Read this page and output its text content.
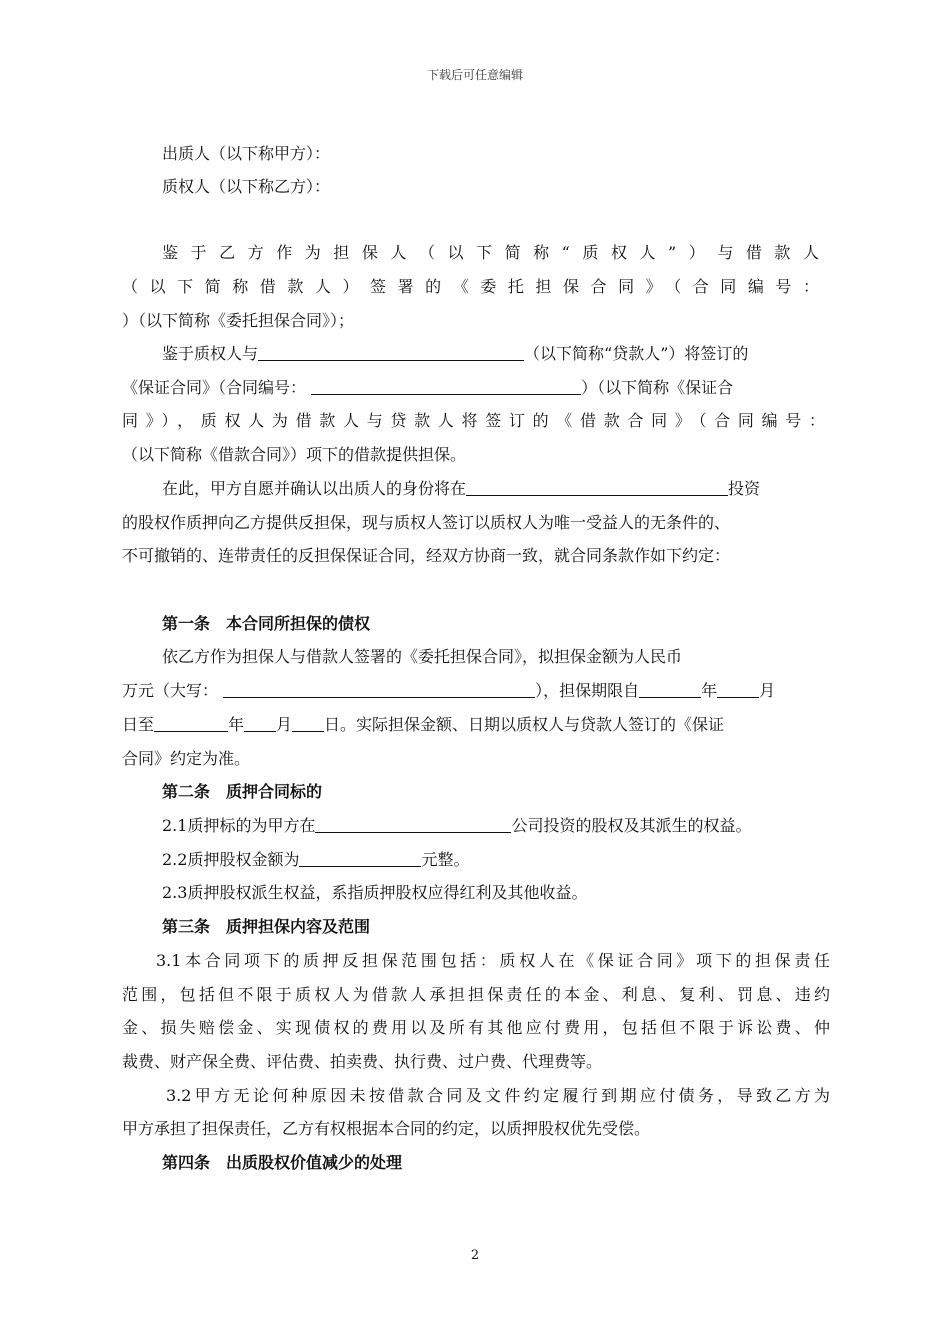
下载后可任意编辑
出质人（以下称甲方）：
质权人（以下称乙方）：
鉴于乙方作为担保人（以下简称“质权人”）与借款人
（以下简称借款人）签署的《委托担保合同》（合同编号：
）（以下简称《委托担保合同》）；
鉴于质权人与	（以下简称“贷款人”）将签订的
《保证合同》（合同编号：	）（以下简称《保证合
同》），质权人为借款人与贷款人将签订的《借款合同》（合同编号：
（以下简称《借款合同》）项下的借款提供担保。
在此，甲方自愿并确认以出质人的身份将在	投资
的股权作质押向乙方提供反担保，现与质权人签订以质权人为唯一受益人的无条件的、
不可撤销的、连带责任的反担保保证合同，经双方协商一致，就合同条款作如下约定：
第一条　本合同所担保的债权
依乙方作为担保人与借款人签署的《委托担保合同》，拟担保金额为人民币
万元（大写：	），担保期限自	年	月
日至	年 月 日。实际担保金额、日期以质权人与贷款人签订的《保证
合同》约定为准。
第二条　质押合同标的
2.1质押标的为甲方在	公司投资的股权及其派生的权益。
2.2质押股权金额为	元整。
2.3质押股权派生权益，系指质押股权应得红利及其他收益。
第三条　质押担保内容及范围
3.1本合同项下的质押反担保范围包括：质权人在《保证合同》项下的担保责任
范围，包括但不限于质权人为借款人承担担保责任的本金、利息、复利、罚息、违约
金、损失赔偿金、实现债权的费用以及所有其他应付费用，包括但不限于诉讼费、仲
裁费、财产保全费、评估费、拍卖费、执行费、过户费、代理费等。
3.2甲方无论何种原因未按借款合同及文件约定履行到期应付债务，导致乙方为
甲方承担了担保责任，乙方有权根据本合同的约定，以质押股权优先受偿。
第四条　出质股权价值减少的处理
2
